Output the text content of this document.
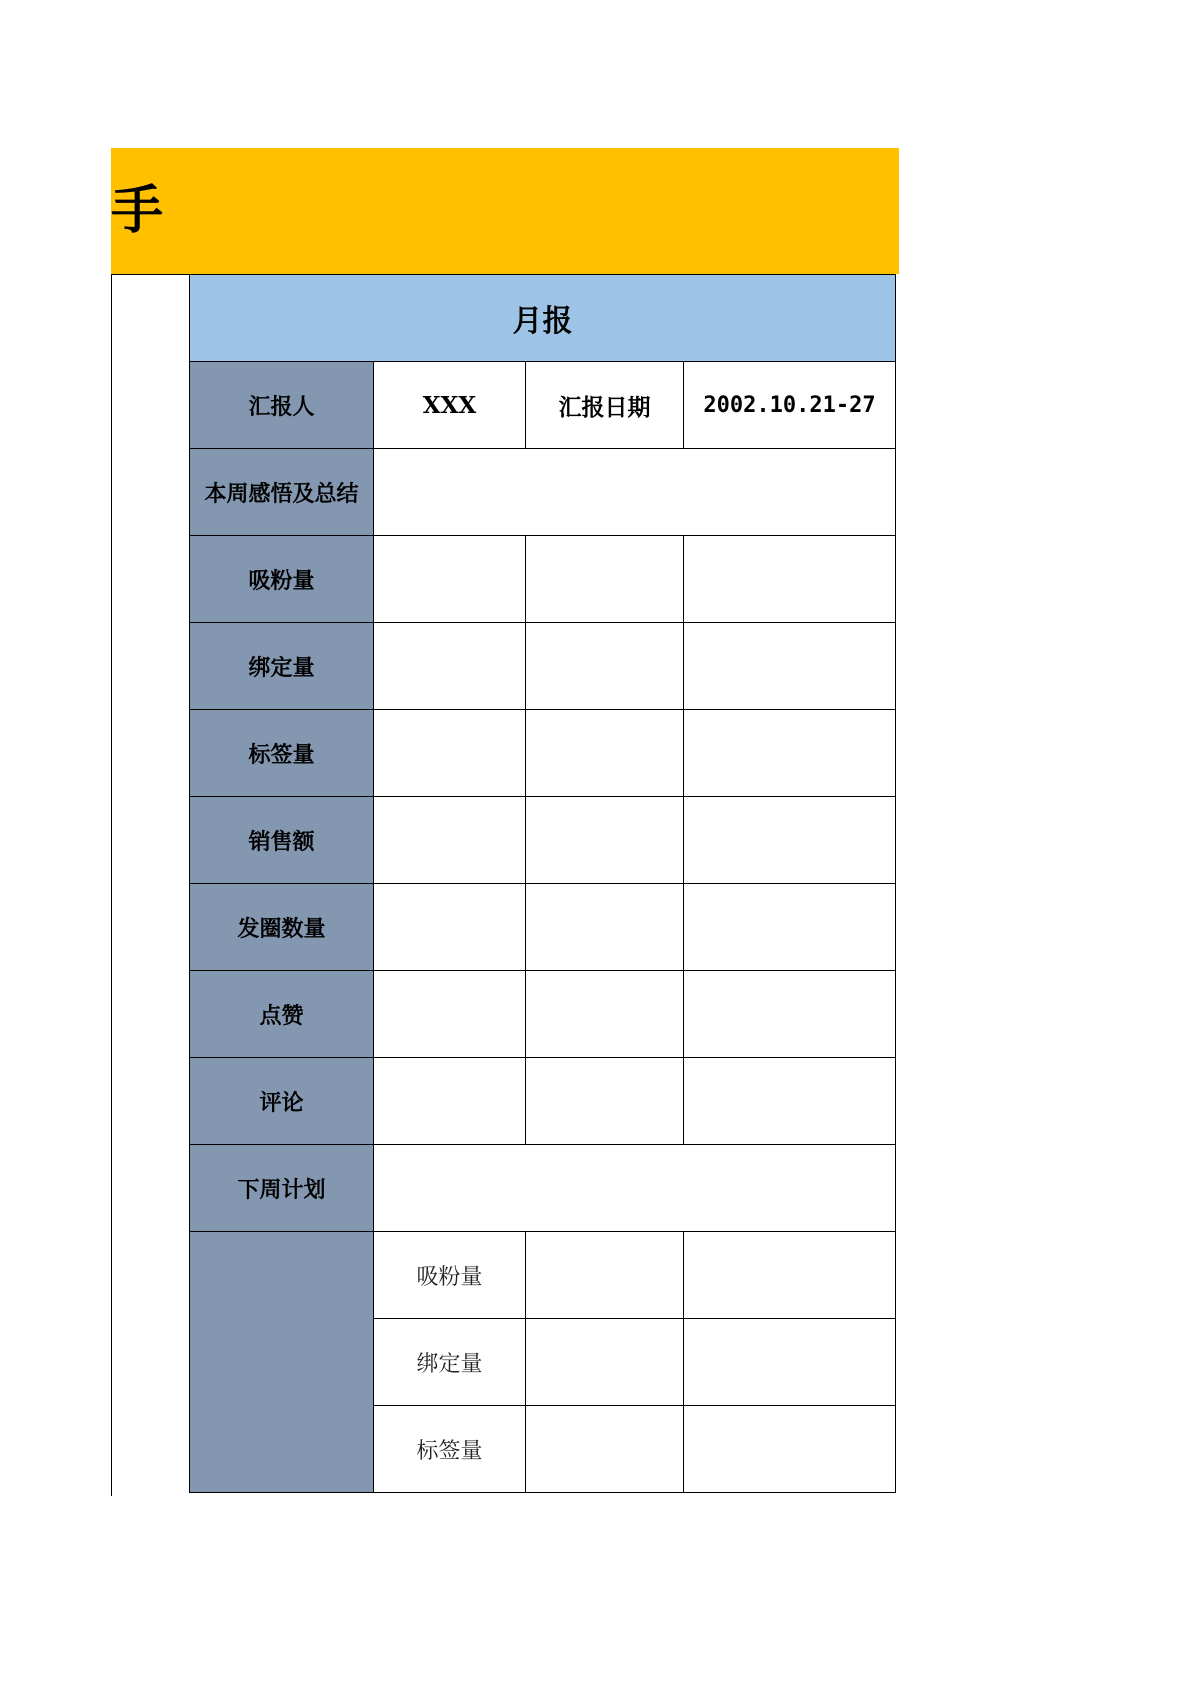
手
月报			
汇报人	XXX	汇报日期	2002.10.21-27
本周感悟及总结			
吸粉量			
绑定量			
标签量			
销售额			
发圈数量			
点赞			
评论			
下周计划			
	吸粉量		
	绑定量		
	标签量		
